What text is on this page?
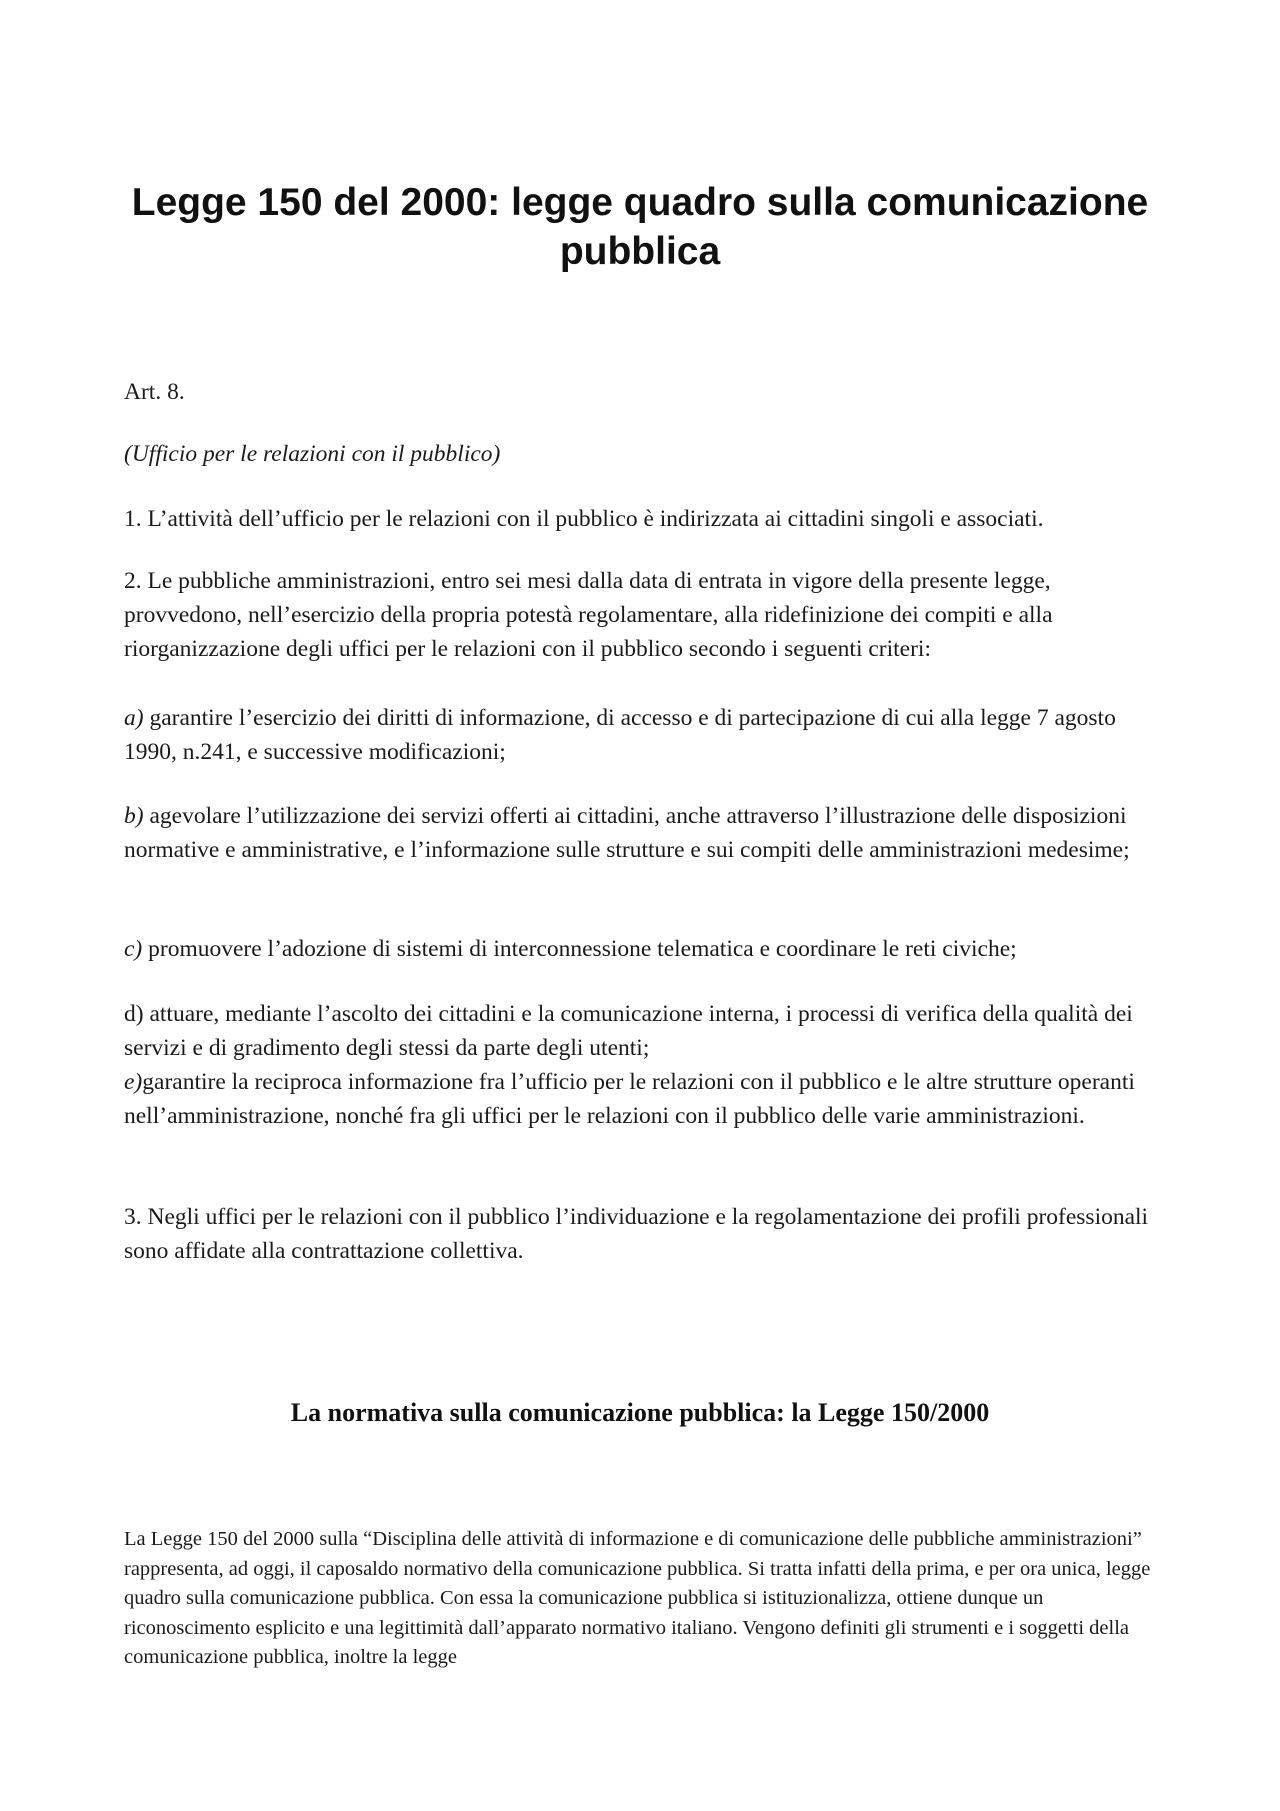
Legge 150 del 2000: legge quadro sulla comunicazione pubblica

Art. 8.

(Ufficio per le relazioni con il pubblico)

1. L’attività dell’ufficio per le relazioni con il pubblico è indirizzata ai cittadini singoli e associati.

2. Le pubbliche amministrazioni, entro sei mesi dalla data di entrata in vigore della presente legge, provvedono, nell’esercizio della propria potestà regolamentare, alla ridefinizione dei compiti e alla riorganizzazione degli uffici per le relazioni con il pubblico secondo i seguenti criteri:

a) garantire l’esercizio dei diritti di informazione, di accesso e di partecipazione di cui alla legge 7 agosto 1990, n.241, e successive modificazioni;

b) agevolare l’utilizzazione dei servizi offerti ai cittadini, anche attraverso l’illustrazione delle disposizioni normative e amministrative, e l’informazione sulle strutture e sui compiti delle amministrazioni medesime;

c) promuovere l’adozione di sistemi di interconnessione telematica e coordinare le reti civiche;

d) attuare, mediante l’ascolto dei cittadini e la comunicazione interna, i processi di verifica della qualità dei servizi e di gradimento degli stessi da parte degli utenti;

e)garantire la reciproca informazione fra l’ufficio per le relazioni con il pubblico e le altre strutture operanti nell’amministrazione, nonché fra gli uffici per le relazioni con il pubblico delle varie amministrazioni.

3. Negli uffici per le relazioni con il pubblico l’individuazione e la regolamentazione dei profili professionali sono affidate alla contrattazione collettiva.

La normativa sulla comunicazione pubblica: la Legge 150/2000

La Legge 150 del 2000 sulla “Disciplina delle attività di informazione e di comunicazione delle pubbliche amministrazioni” rappresenta, ad oggi, il caposaldo normativo della comunicazione pubblica. Si tratta infatti della prima, e per ora unica, legge quadro sulla comunicazione pubblica. Con essa la comunicazione pubblica si istituzionalizza, ottiene dunque un riconoscimento esplicito e una legittimità dall’apparato normativo italiano. Vengono definiti gli strumenti e i soggetti della comunicazione pubblica, inoltre la legge
